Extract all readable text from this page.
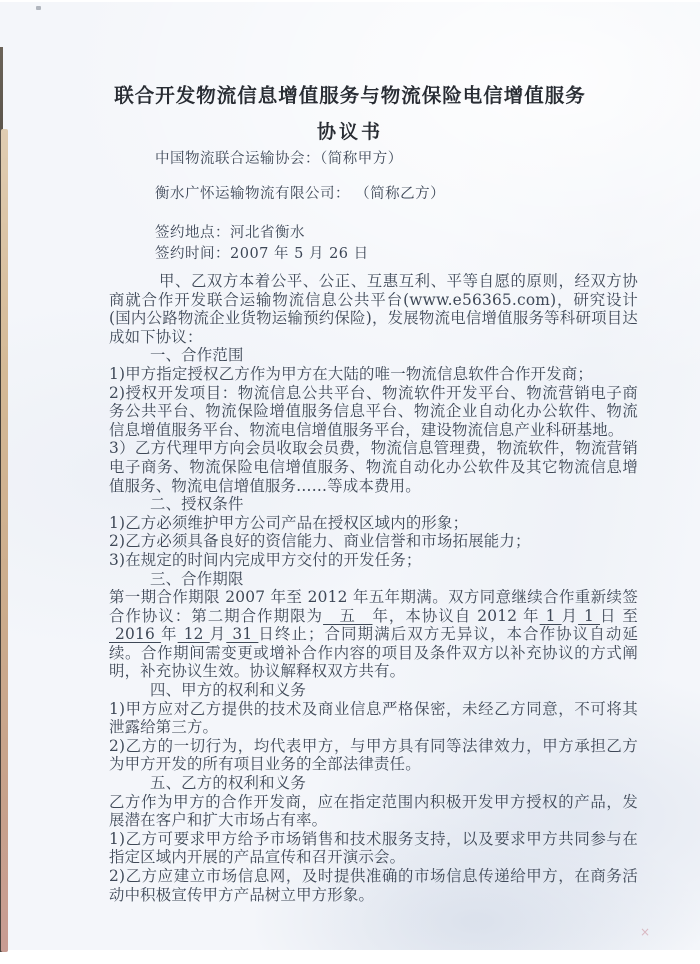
×
联合开发物流信息增值服务与物流保险电信增值服务
协议书
中国物流联合运输协会：（简称甲方）
衡水广怀运输物流有限公司： （简称乙方）
签约地点：河北省衡水
签约时间：2007 年 5 月 26 日

甲、乙双方本着公平、公正、互惠互利、平等自愿的原则，经双方协商就合作开发联合运输物流信息公共平台(www.e56365.com)，研究设计(国内公路物流企业货物运输预约保险)，发展物流电信增值服务等科研项目达成如下协议：

一、合作范围

1)甲方指定授权乙方作为甲方在大陆的唯一物流信息软件合作开发商；

2)授权开发项目：物流信息公共平台、物流软件开发平台、物流营销电子商务公共平台、物流保险增值服务信息平台、物流企业自动化办公软件、物流信息增值服务平台、物流电信增值服务平台，建设物流信息产业科研基地。

3）乙方代理甲方向会员收取会员费，物流信息管理费，物流软件，物流营销电子商务、物流保险电信增值服务、物流自动化办公软件及其它物流信息增值服务、物流电信增值服务……等成本费用。

二、授权条件

1)乙方必须维护甲方公司产品在授权区域内的形象；

2)乙方必须具备良好的资信能力、商业信誉和市场拓展能力；

3)在规定的时间内完成甲方交付的开发任务；

三、合作期限

第一期合作期限 2007 年至 2012 年五年期满。双方同意继续合作重新续签合作协议：第二期合作期限为　五　年，本协议自 2012 年 1 月 1 日 至  2016 年 12 月 31 日终止；合同期满后双方无异议，本合作协议自动延续。合作期间需变更或增补合作内容的项目及条件双方以补充协议的方式阐明，补充协议生效。协议解释权双方共有。

四、甲方的权利和义务

1)甲方应对乙方提供的技术及商业信息严格保密，未经乙方同意，不可将其泄露给第三方。

2)乙方的一切行为，均代表甲方，与甲方具有同等法律效力，甲方承担乙方为甲方开发的所有项目业务的全部法律责任。

五、乙方的权利和义务

乙方作为甲方的合作开发商，应在指定范围内积极开发甲方授权的产品，发展潜在客户和扩大市场占有率。

1)乙方可要求甲方给予市场销售和技术服务支持，以及要求甲方共同参与在指定区域内开展的产品宣传和召开演示会。

2)乙方应建立市场信息网，及时提供准确的市场信息传递给甲方，在商务活动中积极宣传甲方产品树立甲方形象。
